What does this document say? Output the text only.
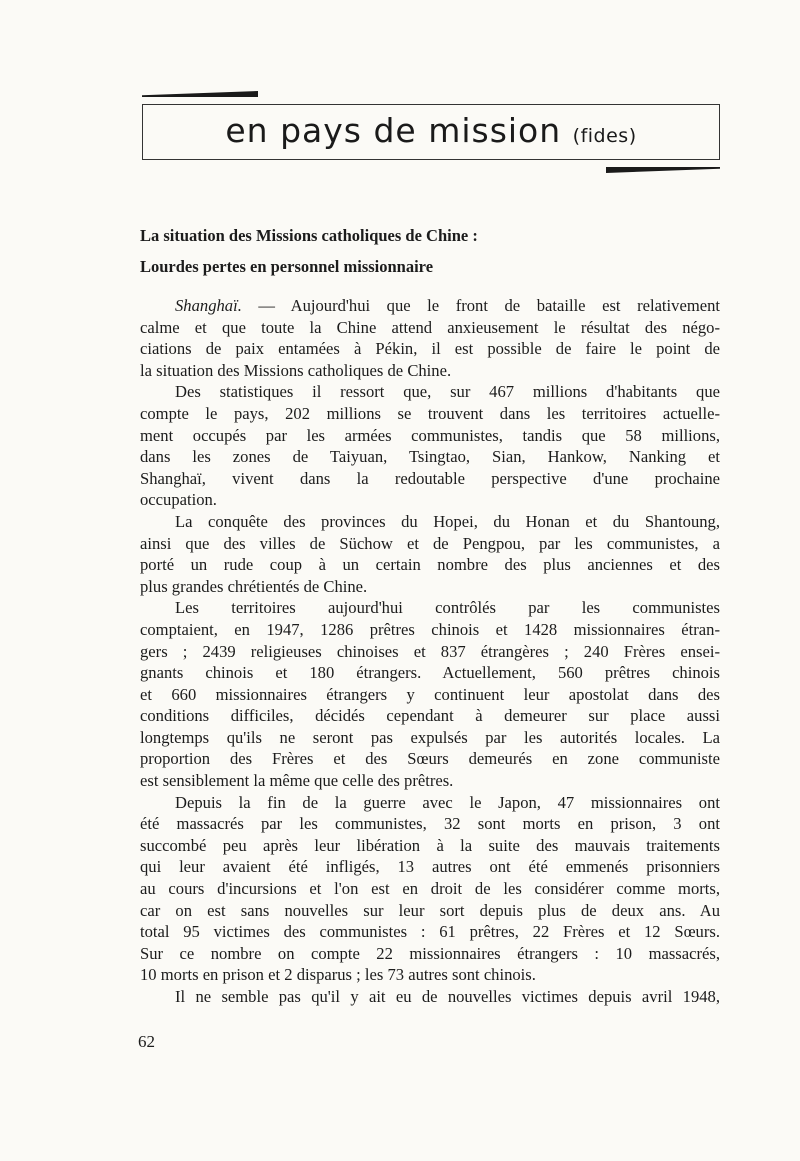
en pays de mission (fides)
La situation des Missions catholiques de Chine :
Lourdes pertes en personnel missionnaire
Shanghaï. — Aujourd'hui que le front de bataille est relativement
calme et que toute la Chine attend anxieusement le résultat des négo-
ciations de paix entamées à Pékin, il est possible de faire le point de
la situation des Missions catholiques de Chine.
Des statistiques il ressort que, sur 467 millions d'habitants que
compte le pays, 202 millions se trouvent dans les territoires actuelle-
ment occupés par les armées communistes, tandis que 58 millions,
dans les zones de Taiyuan, Tsingtao, Sian, Hankow, Nanking et
Shanghaï, vivent dans la redoutable perspective d'une prochaine
occupation.
La conquête des provinces du Hopei, du Honan et du Shantoung,
ainsi que des villes de Süchow et de Pengpou, par les communistes, a
porté un rude coup à un certain nombre des plus anciennes et des
plus grandes chrétientés de Chine.
Les territoires aujourd'hui contrôlés par les communistes
comptaient, en 1947, 1286 prêtres chinois et 1428 missionnaires étran-
gers ; 2439 religieuses chinoises et 837 étrangères ; 240 Frères ensei-
gnants chinois et 180 étrangers. Actuellement, 560 prêtres chinois
et 660 missionnaires étrangers y continuent leur apostolat dans des
conditions difficiles, décidés cependant à demeurer sur place aussi
longtemps qu'ils ne seront pas expulsés par les autorités locales. La
proportion des Frères et des Sœurs demeurés en zone communiste
est sensiblement la même que celle des prêtres.
Depuis la fin de la guerre avec le Japon, 47 missionnaires ont
été massacrés par les communistes, 32 sont morts en prison, 3 ont
succombé peu après leur libération à la suite des mauvais traitements
qui leur avaient été infligés, 13 autres ont été emmenés prisonniers
au cours d'incursions et l'on est en droit de les considérer comme morts,
car on est sans nouvelles sur leur sort depuis plus de deux ans. Au
total 95 victimes des communistes : 61 prêtres, 22 Frères et 12 Sœurs.
Sur ce nombre on compte 22 missionnaires étrangers : 10 massacrés,
10 morts en prison et 2 disparus ; les 73 autres sont chinois.
Il ne semble pas qu'il y ait eu de nouvelles victimes depuis avril 1948,
62
